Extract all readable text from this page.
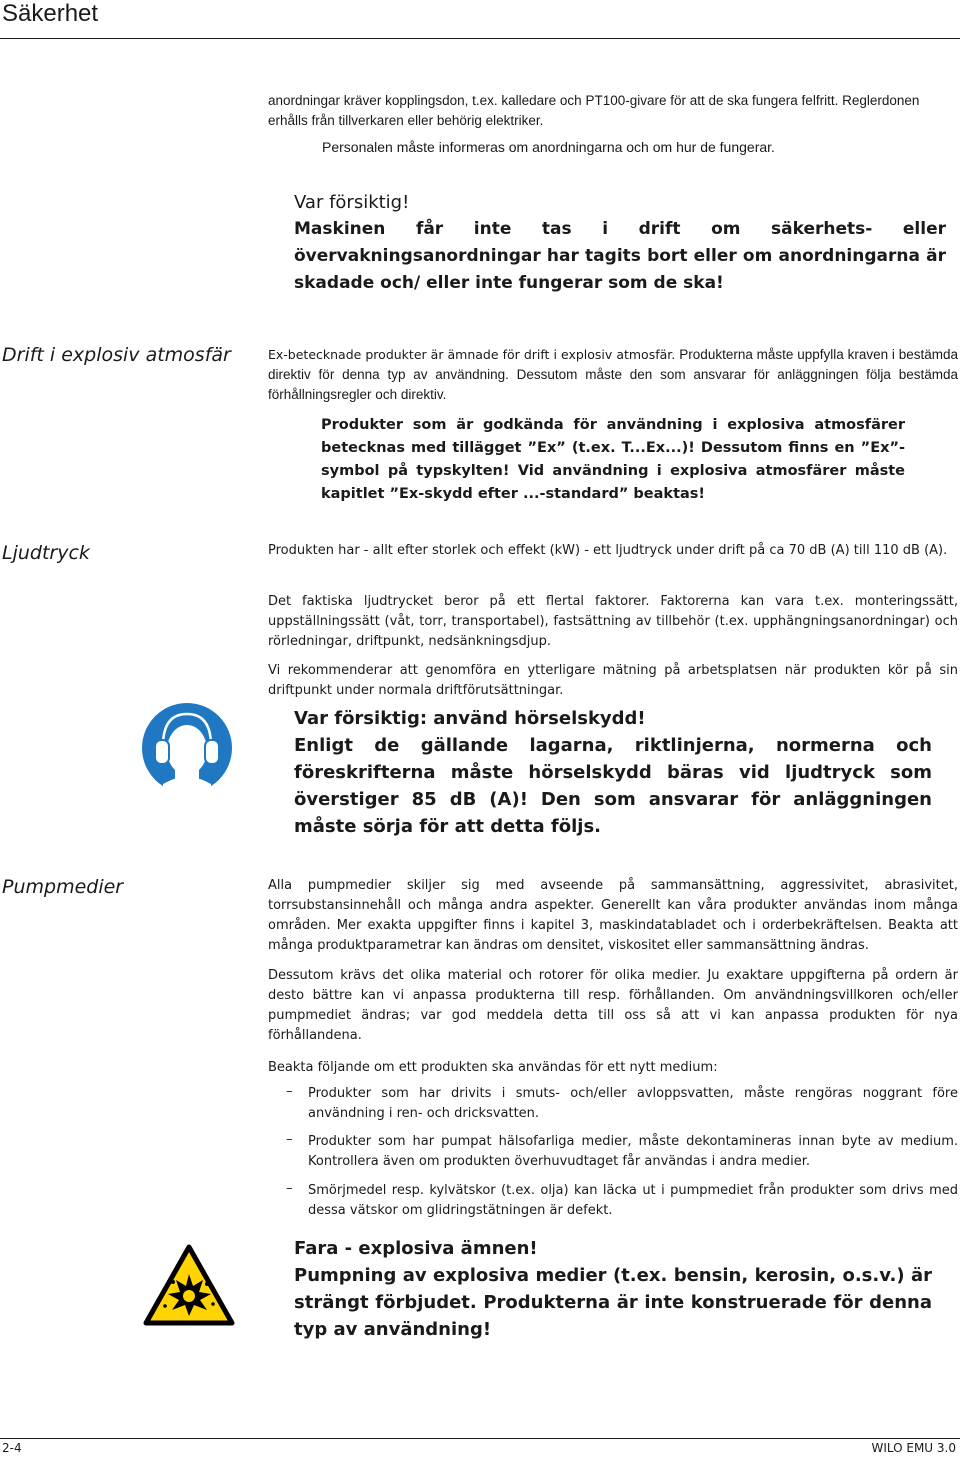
Säkerhet

anordningar kräver kopplingsdon, t.ex. kalledare och PT100-givare för att de ska fungera felfritt. Reglerdonen erhålls från tillverkaren eller behörig elektriker.

Personalen måste informeras om anordningarna och om hur de fungerar.

Var försiktig!

Maskinen får inte tas i drift om säkerhets- eller övervakningsanordningar har tagits bort eller om anordningarna är skadade och/ eller inte fungerar som de ska!

Drift i explosiv atmosfär	Ex-betecknade produkter är ämnade för drift i explosiv atmosfär. Produkterna måste uppfylla kraven i bestämda direktiv för denna typ av användning. Dessutom måste den som ansvarar för anläggningen följa bestämda förhållningsregler och direktiv.

Produkter som är godkända för användning i explosiva atmosfärer betecknas med tillägget ”Ex” (t.ex. T...Ex...)! Dessutom finns en ”Ex”-symbol på typskylten! Vid användning i explosiva atmosfärer måste kapitlet ”Ex-skydd efter ...-standard” beaktas!

Ljudtryck	Produkten har - allt efter storlek och effekt (kW) - ett ljudtryck under drift på ca 70 dB (A) till 110 dB (A).

Det faktiska ljudtrycket beror på ett flertal faktorer. Faktorerna kan vara t.ex. monteringssätt, uppställningssätt (våt, torr, transportabel), fastsättning av tillbehör (t.ex. upphängningsanordningar) och rörledningar, driftpunkt, nedsänkningsdjup.

Vi rekommenderar att genomföra en ytterligare mätning på arbetsplatsen när produkten kör på sin driftpunkt under normala driftförutsättningar.

Var försiktig: använd hörselskydd!

Enligt de gällande lagarna, riktlinjerna, normerna och föreskrifterna måste hörselskydd bäras vid ljudtryck som överstiger 85 dB (A)! Den som ansvarar för anläggningen måste sörja för att detta följs.

Pumpmedier	Alla pumpmedier skiljer sig med avseende på sammansättning, aggressivitet, abrasivitet, torrsubstansinnehåll och många andra aspekter. Generellt kan våra produkter användas inom många områden. Mer exakta uppgifter finns i kapitel 3, maskindatabladet och i orderbekräftelsen. Beakta att många produktparametrar kan ändras om densitet, viskositet eller sammansättning ändras.

Dessutom krävs det olika material och rotorer för olika medier. Ju exaktare uppgifterna på ordern är desto bättre kan vi anpassa produkterna till resp. förhållanden. Om användningsvillkoren och/eller pumpmediet ändras; var god meddela detta till oss så att vi kan anpassa produkten för nya förhållandena.

Beakta följande om ett produkten ska användas för ett nytt medium:

– Produkter som har drivits i smuts- och/eller avloppsvatten, måste rengöras noggrant före användning i ren- och dricksvatten.

– Produkter som har pumpat hälsofarliga medier, måste dekontamineras innan byte av medium. Kontrollera även om produkten överhuvudtaget får användas i andra medier.

– Smörjmedel resp. kylvätskor (t.ex. olja) kan läcka ut i pumpmediet från produkter som drivs med dessa vätskor om glidringstätningen är defekt.

Fara - explosiva ämnen!

Pumpning av explosiva medier (t.ex. bensin, kerosin, o.s.v.) är strängt förbjudet. Produkterna är inte konstruerade för denna typ av användning!

2-4	WILO EMU 3.0
